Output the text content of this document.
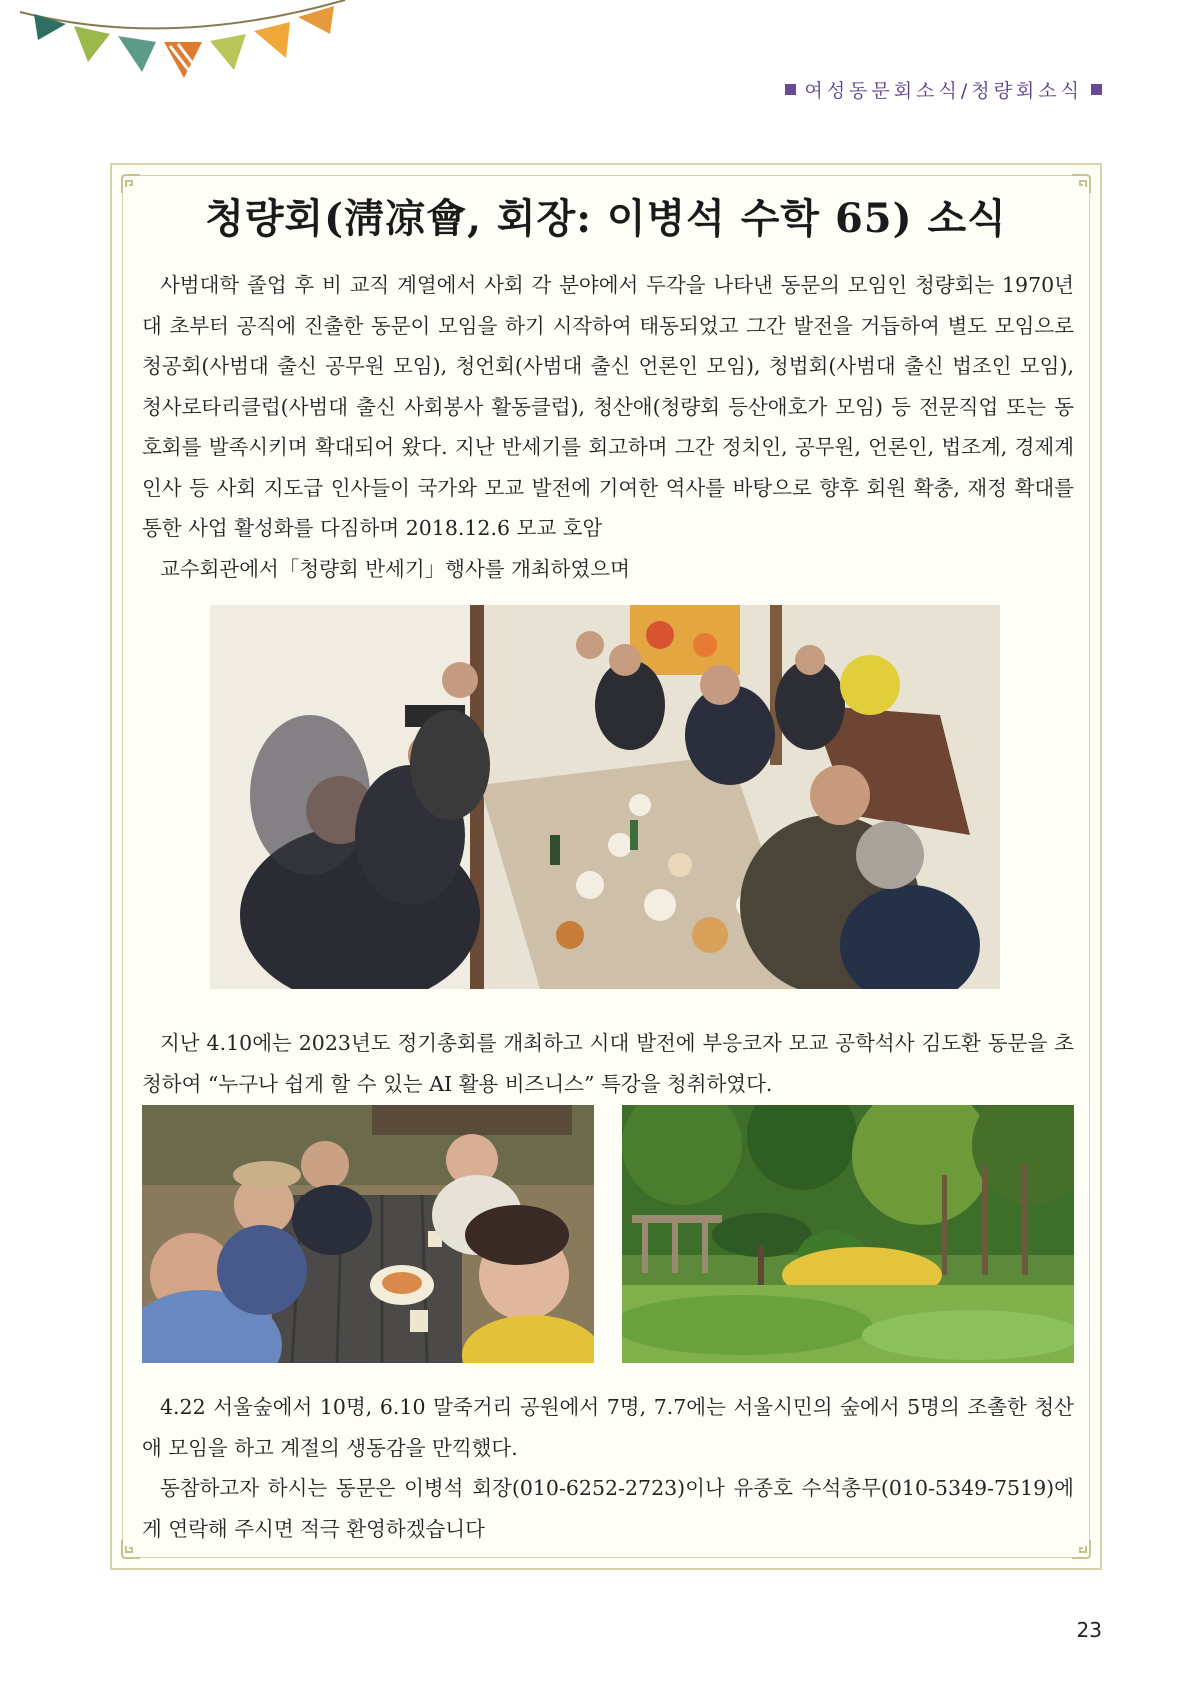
여성동문회소식/청량회소식
청량회(淸凉會, 회장: 이병석 수학 65) 소식
사범대학 졸업 후 비 교직 계열에서 사회 각 분야에서 두각을 나타낸 동문의 모임인 청량회는 1970년대 초부터 공직에 진출한 동문이 모임을 하기 시작하여 태동되었고 그간 발전을 거듭하여 별도 모임으로 청공회(사범대 출신 공무원 모임), 청언회(사범대 출신 언론인 모임), 청법회(사범대 출신 법조인 모임), 청사로타리클럽(사범대 출신 사회봉사 활동클럽), 청산애(청량회 등산애호가 모임) 등 전문직업 또는 동호회를 발족시키며 확대되어 왔다. 지난 반세기를 회고하며 그간 정치인, 공무원, 언론인, 법조계, 경제계 인사 등 사회 지도급 인사들이 국가와 모교 발전에 기여한 역사를 바탕으로 향후 회원 확충, 재정 확대를 통한 사업 활성화를 다짐하며 2018.12.6 모교 호암
교수회관에서「청량회 반세기」행사를 개최하였으며
지난 4.10에는 2023년도 정기총회를 개최하고 시대 발전에 부응코자 모교 공학석사 김도환 동문을 초청하여 “누구나 쉽게 할 수 있는 AI 활용 비즈니스” 특강을 청취하였다.
4.22 서울숲에서 10명, 6.10 말죽거리 공원에서 7명, 7.7에는 서울시민의 숲에서 5명의 조촐한 청산애 모임을 하고 계절의 생동감을 만끽했다.
동참하고자 하시는 동문은 이병석 회장(010-6252-2723)이나 유종호 수석총무(010-5349-7519)에게 연락해 주시면 적극 환영하겠습니다
23
